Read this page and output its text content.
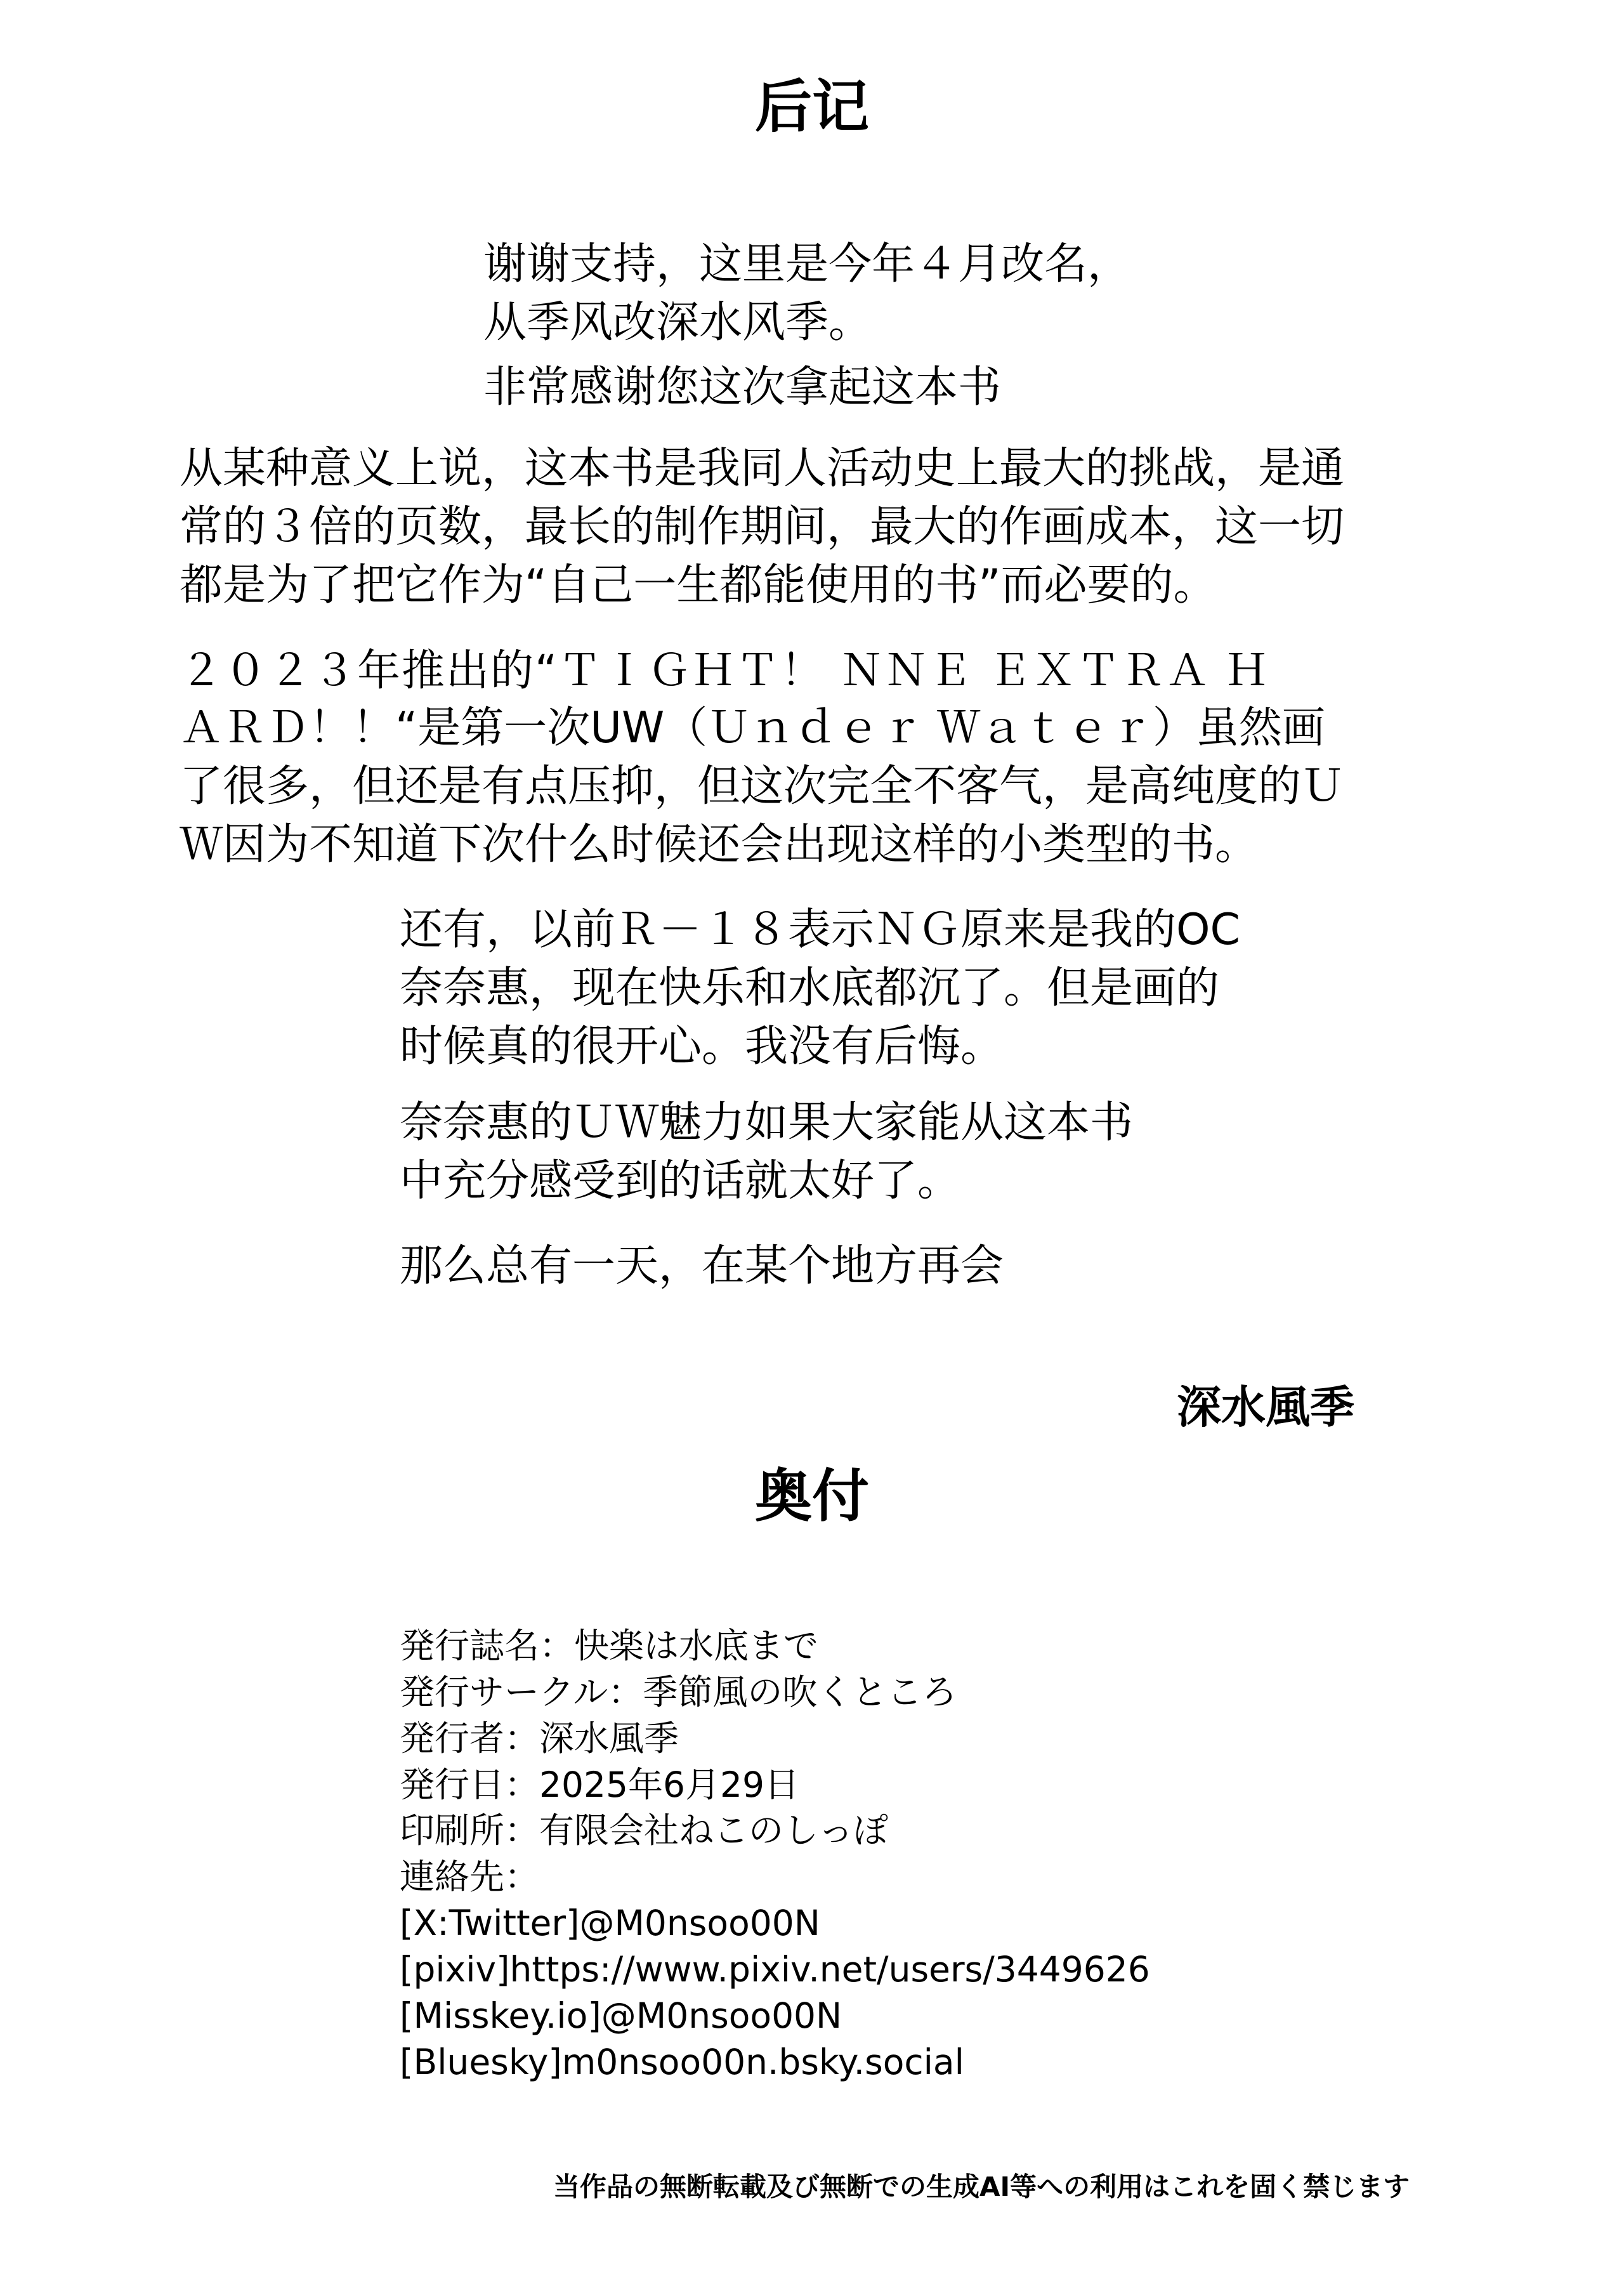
后记
谢谢支持，这里是今年４月改名，
从季风改深水风季。
非常感谢您这次拿起这本书
从某种意义上说，这本书是我同人活动史上最大的挑战，是通
常的３倍的页数，最长的制作期间，最大的作画成本，这一切
都是为了把它作为“自己一生都能使用的书”而必要的。
２０２３年推出的“ＴＩＧＨＴ！ ＮＮＥ ＥＸＴＲＡ Ｈ
ＡＲＤ！！“是第一次UW（Ｕｎｄｅｒ Ｗａｔｅｒ）虽然画
了很多，但还是有点压抑，但这次完全不客气，是高纯度的Ｕ
Ｗ因为不知道下次什么时候还会出现这样的小类型的书。
还有，以前Ｒ－１８表示ＮＧ原来是我的OC
奈奈惠，现在快乐和水底都沉了。但是画的
时候真的很开心。我没有后悔。
奈奈惠的ＵＷ魅力如果大家能从这本书
中充分感受到的话就太好了。
那么总有一天，在某个地方再会
深水風季
奥付
発行誌名：快楽は水底まで
発行サークル：季節風の吹くところ
発行者：深水風季
発行日：2025年6月29日
印刷所：有限会社ねこのしっぽ
連絡先：
[X:Twitter]@M0nsoo00N
[pixiv]https://www.pixiv.net/users/3449626
[Misskey.io]@M0nsoo00N
[Bluesky]m0nsoo00n.bsky.social
当作品の無断転載及び無断での生成AI等への利用はこれを固く禁じます
